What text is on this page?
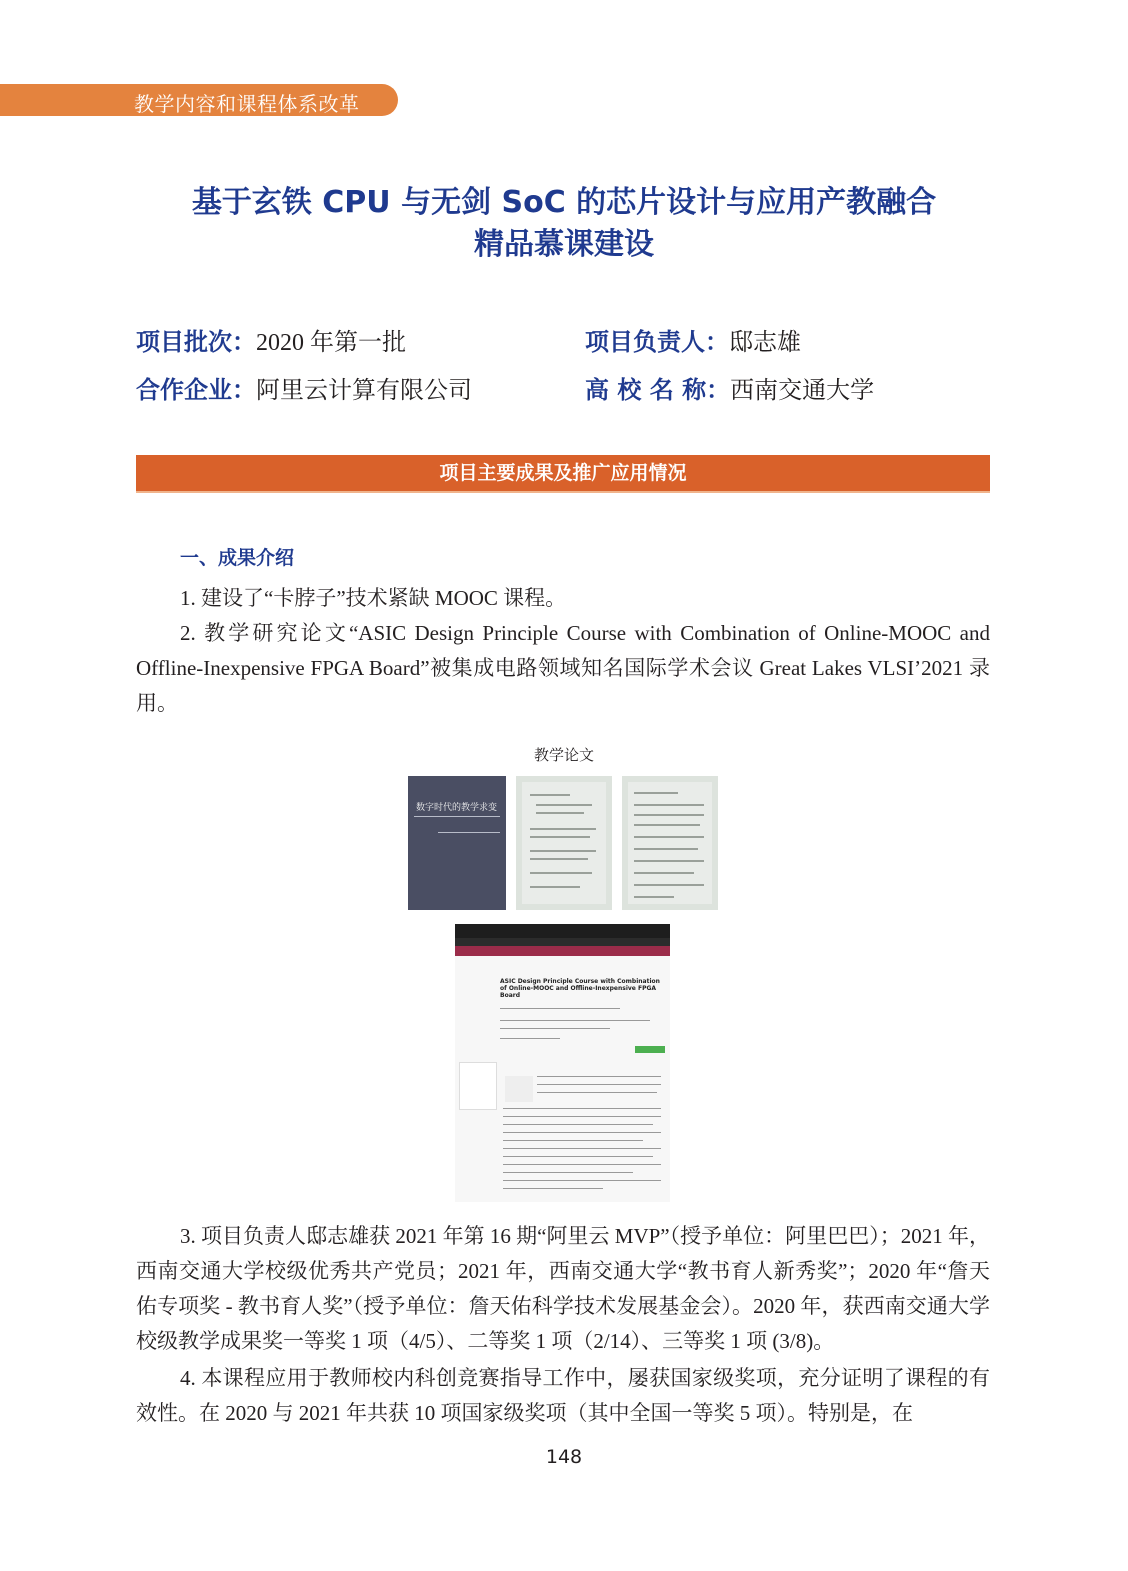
教学内容和课程体系改革
基于玄铁 CPU 与无剑 SoC 的芯片设计与应用产教融合
精品慕课建设
项目批次：2020 年第一批	项目负责人：邸志雄
合作企业：阿里云计算有限公司	高 校 名 称：西南交通大学
项目主要成果及推广应用情况
一、成果介绍
1. 建设了“卡脖子”技术紧缺 MOOC 课程。
2. 教学研究论文“ASIC Design Principle Course with Combination of Online-MOOC and Offline-Inexpensive FPGA Board”被集成电路领域知名国际学术会议 Great Lakes VLSI’2021 录用。
教学论文
数字时代的教学求变
ASIC Design Principle Course with Combination of Online-MOOC and Offline-Inexpensive FPGA Board
3. 项目负责人邸志雄获 2021 年第 16 期“阿里云 MVP”（授予单位：阿里巴巴）；2021 年，西南交通大学校级优秀共产党员；2021 年，西南交通大学“教书育人新秀奖”；2020 年“詹天佑专项奖 - 教书育人奖”（授予单位：詹天佑科学技术发展基金会）。2020 年，获西南交通大学校级教学成果奖一等奖 1 项（4/5）、二等奖 1 项（2/14）、三等奖 1 项 (3/8)。
4. 本课程应用于教师校内科创竞赛指导工作中，屡获国家级奖项，充分证明了课程的有效性。在 2020 与 2021 年共获 10 项国家级奖项（其中全国一等奖 5 项）。特别是，在
148
